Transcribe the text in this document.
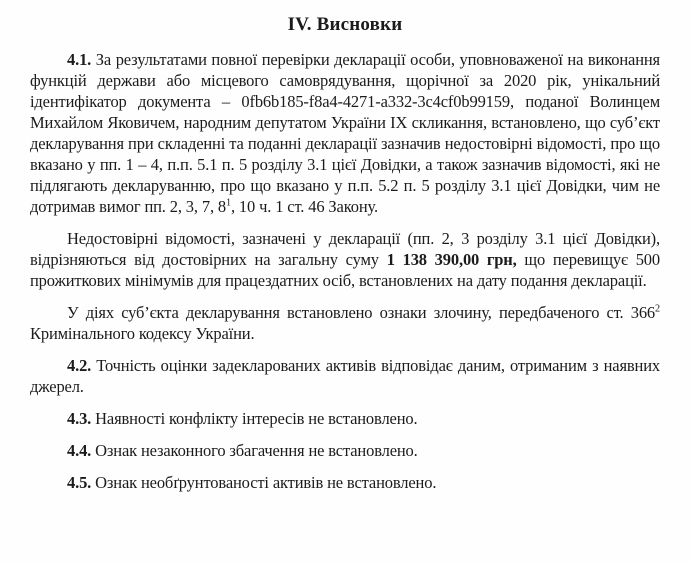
IV. Висновки

4.1. За результатами повної перевірки декларації особи, уповноваженої на виконання функцій держави або місцевого самоврядування, щорічної за 2020 рік, унікальний ідентифікатор документа – 0fb6b185-f8a4-4271-a332-3c4cf0b99159, поданої Волинцем Михайлом Яковичем, народним депутатом України IX скликання, встановлено, що суб’єкт декларування при складенні та поданні декларації зазначив недостовірні відомості, про що вказано у пп. 1 – 4, п.п. 5.1 п. 5 розділу 3.1 цієї Довідки, а також зазначив відомості, які не підлягають декларуванню, про що вказано у п.п. 5.2 п. 5 розділу 3.1 цієї Довідки, чим не дотримав вимог пп. 2, 3, 7, $8^1$, 10 ч. 1 ст. 46 Закону.

Недостовірні відомості, зазначені у декларації (пп. 2, 3 розділу 3.1 цієї Довідки), відрізняються від достовірних на загальну суму 1 138 390,00 грн, що перевищує 500 прожиткових мінімумів для працездатних осіб, встановлених на дату подання декларації.

У діях суб’єкта декларування встановлено ознаки злочину, передбаченого ст. $366^2$ Кримінального кодексу України.

4.2. Точність оцінки задекларованих активів відповідає даним, отриманим з наявних джерел.

4.3. Наявності конфлікту інтересів не встановлено.

4.4. Ознак незаконного збагачення не встановлено.

4.5. Ознак необґрунтованості активів не встановлено.
